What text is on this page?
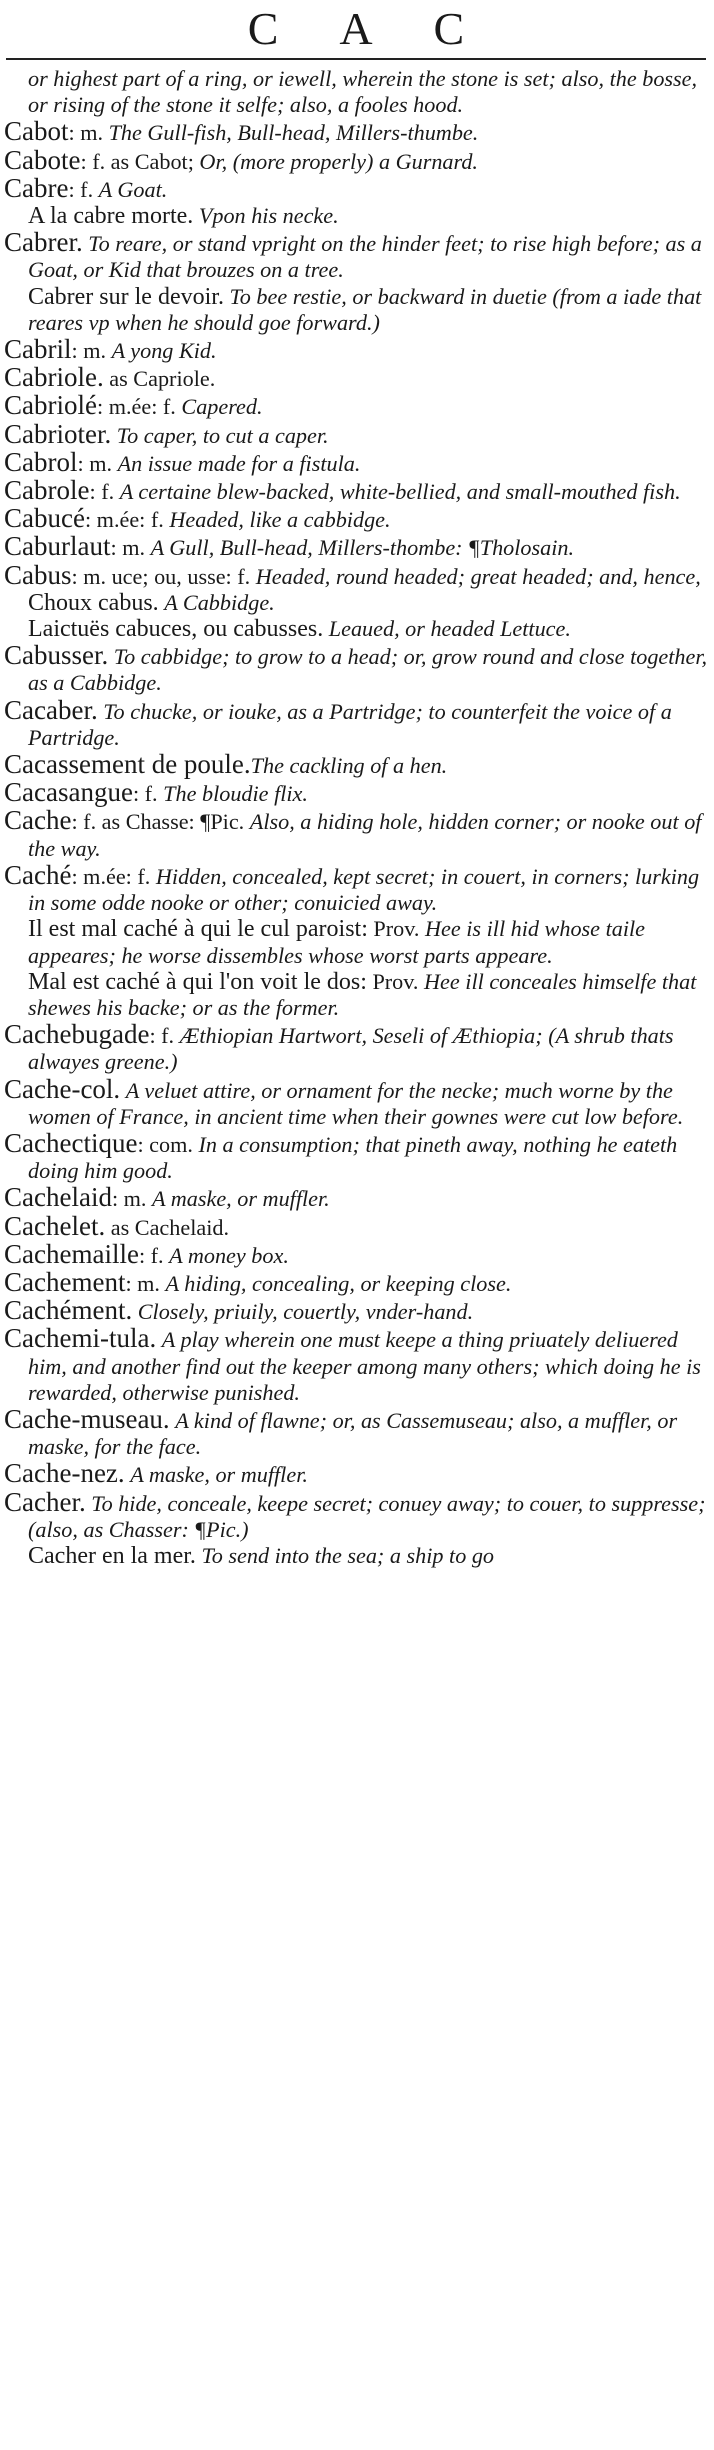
C A C

or highest part of a ring, or iewell, wherein the stone is set; also, the bosse, or rising of the stone it selfe; also, a fooles hood.

Cabot: m. The Gull-fish, Bull-head, Millers-thumbe.

Cabote: f. as Cabot; Or, (more properly) a Gurnard.

Cabre: f. A Goat.

A la cabre morte. Vpon his necke.

Cabrer. To reare, or stand vpright on the hinder feet; to rise high before; as a Goat, or Kid that brouzes on a tree.

Cabrer sur le devoir. To bee restie, or backward in duetie (from a iade that reares vp when he should goe forward.)

Cabril: m. A yong Kid.

Cabriole. as Capriole.

Cabriolé: m.ée: f. Capered.

Cabrioter. To caper, to cut a caper.

Cabrol: m. An issue made for a fistula.

Cabrole: f. A certaine blew-backed, white-bellied, and small-mouthed fish.

Cabucé: m.ée: f. Headed, like a cabbidge.

Caburlaut: m. A Gull, Bull-head, Millers-thombe: ¶Tholosain.

Cabus: m. uce; ou, usse: f. Headed, round headed; great headed; and, hence,

Choux cabus. A Cabbidge.

Laictuës cabuces, ou cabusses. Leaued, or headed Lettuce.

Cabusser. To cabbidge; to grow to a head; or, grow round and close together, as a Cabbidge.

Cacaber. To chucke, or iouke, as a Partridge; to counterfeit the voice of a Partridge.

Cacassement de poule.The cackling of a hen.

Cacasangue: f. The bloudie flix.

Cache: f. as Chasse: ¶Pic. Also, a hiding hole, hidden corner; or nooke out of the way.

Caché: m.ée: f. Hidden, concealed, kept secret; in couert, in corners; lurking in some odde nooke or other; conuicied away.

Il est mal caché à qui le cul paroist: Prov. Hee is ill hid whose taile appeares; he worse dissembles whose worst parts appeare.

Mal est caché à qui l'on voit le dos: Prov. Hee ill conceales himselfe that shewes his backe; or as the former.

Cachebugade: f. Æthiopian Hartwort, Seseli of Æthiopia; (A shrub thats alwayes greene.)

Cache-col. A veluet attire, or ornament for the necke; much worne by the women of France, in ancient time when their gownes were cut low before.

Cachectique: com. In a consumption; that pineth away, nothing he eateth doing him good.

Cachelaid: m. A maske, or muffler.

Cachelet. as Cachelaid.

Cachemaille: f. A money box.

Cachement: m. A hiding, concealing, or keeping close.

Cachément. Closely, priuily, couertly, vnder-hand.

Cachemi-tula. A play wherein one must keepe a thing priuately deliuered him, and another find out the keeper among many others; which doing he is rewarded, otherwise punished.

Cache-museau. A kind of flawne; or, as Cassemuseau; also, a muffler, or maske, for the face.

Cache-nez. A maske, or muffler.

Cacher. To hide, conceale, keepe secret; conuey away; to couer, to suppresse; (also, as Chasser: ¶Pic.)

Cacher en la mer. To send into the sea; a ship to go
